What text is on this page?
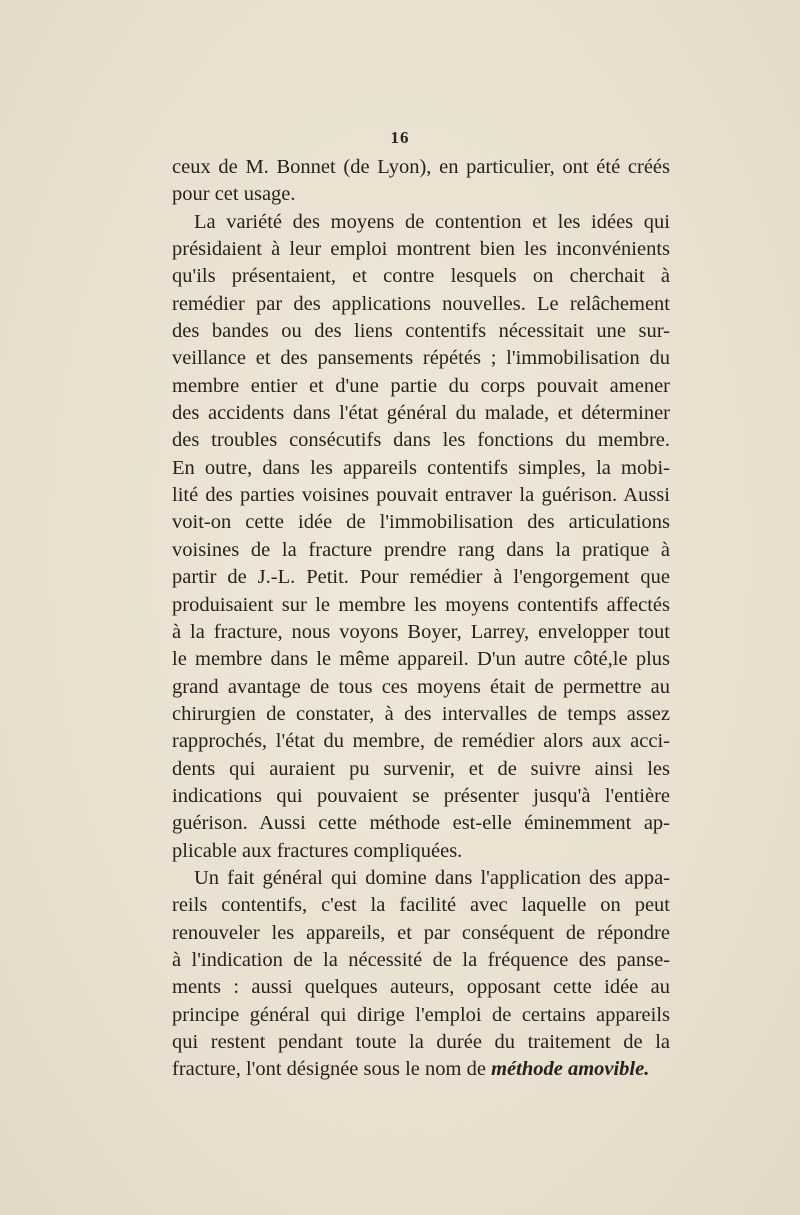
16
ceux de M. Bonnet (de Lyon), en particulier, ont été créés
pour cet usage.
La variété des moyens de contention et les idées qui
présidaient à leur emploi montrent bien les inconvénients
qu'ils présentaient, et contre lesquels on cherchait à
remédier par des applications nouvelles. Le relâchement
des bandes ou des liens contentifs nécessitait une sur-
veillance et des pansements répétés ; l'immobilisation du
membre entier et d'une partie du corps pouvait amener
des accidents dans l'état général du malade, et déterminer
des troubles consécutifs dans les fonctions du membre.
En outre, dans les appareils contentifs simples, la mobi-
lité des parties voisines pouvait entraver la guérison. Aussi
voit-on cette idée de l'immobilisation des articulations
voisines de la fracture prendre rang dans la pratique à
partir de J.-L. Petit. Pour remédier à l'engorgement que
produisaient sur le membre les moyens contentifs affectés
à la fracture, nous voyons Boyer, Larrey, envelopper tout
le membre dans le même appareil. D'un autre côté,le plus
grand avantage de tous ces moyens était de permettre au
chirurgien de constater, à des intervalles de temps assez
rapprochés, l'état du membre, de remédier alors aux acci-
dents qui auraient pu survenir, et de suivre ainsi les
indications qui pouvaient se présenter jusqu'à l'entière
guérison. Aussi cette méthode est-elle éminemment ap-
plicable aux fractures compliquées.
Un fait général qui domine dans l'application des appa-
reils contentifs, c'est la facilité avec laquelle on peut
renouveler les appareils, et par conséquent de répondre
à l'indication de la nécessité de la fréquence des panse-
ments : aussi quelques auteurs, opposant cette idée au
principe général qui dirige l'emploi de certains appareils
qui restent pendant toute la durée du traitement de la
fracture, l'ont désignée sous le nom de méthode amovible.
